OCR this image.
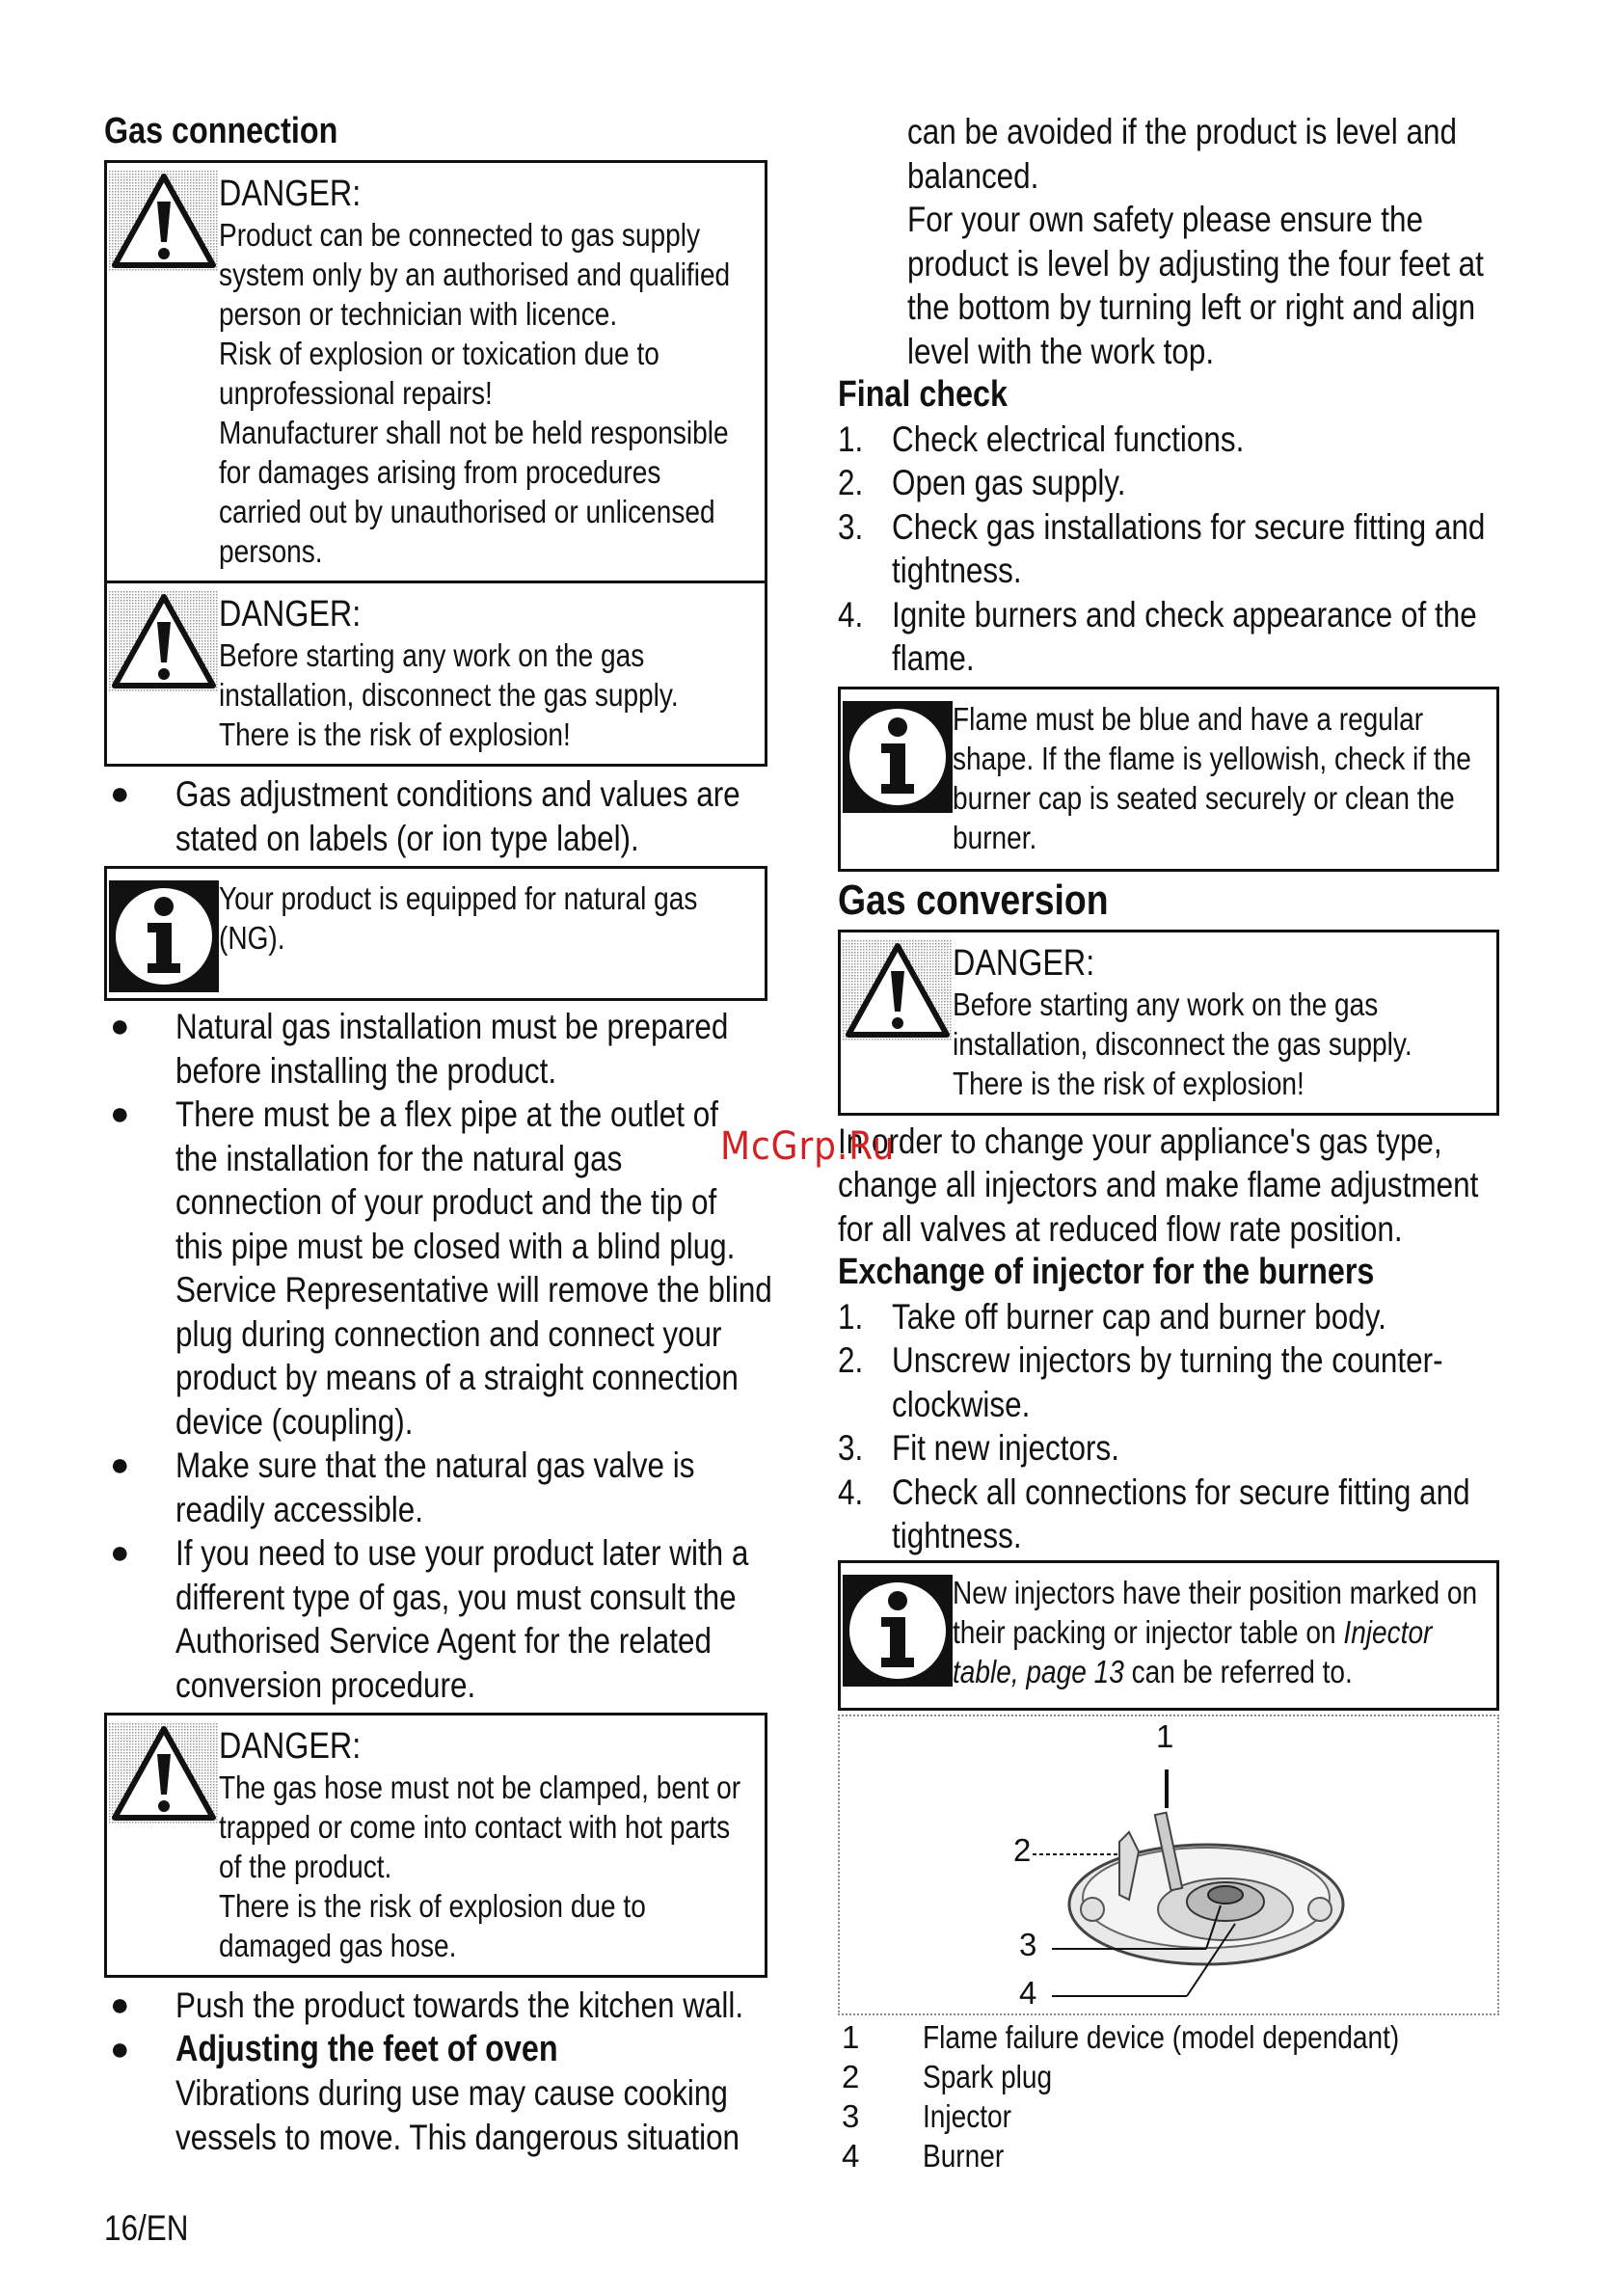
Gas connection
DANGER:
Product can be connected to gas supply
system only by an authorised and qualified
person or technician with licence.
Risk of explosion or toxication due to
unprofessional repairs!
Manufacturer shall not be held responsible
for damages arising from procedures
carried out by unauthorised or unlicensed
persons.
DANGER:
Before starting any work on the gas
installation, disconnect the gas supply.
There is the risk of explosion!
● Gas adjustment conditions and values are
stated on labels (or ion type label).
Your product is equipped for natural gas
(NG).
● Natural gas installation must be prepared
before installing the product.
● There must be a flex pipe at the outlet of
the installation for the natural gas
connection of your product and the tip of
this pipe must be closed with a blind plug.
Service Representative will remove the blind
plug during connection and connect your
product by means of a straight connection
device (coupling).
● Make sure that the natural gas valve is
readily accessible.
● If you need to use your product later with a
different type of gas, you must consult the
Authorised Service Agent for the related
conversion procedure.
DANGER:
The gas hose must not be clamped, bent or
trapped or come into contact with hot parts
of the product.
There is the risk of explosion due to
damaged gas hose.
● Push the product towards the kitchen wall.
● Adjusting the feet of oven
Vibrations during use may cause cooking
vessels to move. This dangerous situation
can be avoided if the product is level and
balanced.
For your own safety please ensure the
product is level by adjusting the four feet at
the bottom by turning left or right and align
level with the work top.
Final check
1. Check electrical functions.
2. Open gas supply.
3. Check gas installations for secure fitting and
tightness.
4. Ignite burners and check appearance of the
flame.
Flame must be blue and have a regular
shape. If the flame is yellowish, check if the
burner cap is seated securely or clean the
burner.
Gas conversion
DANGER:
Before starting any work on the gas
installation, disconnect the gas supply.
There is the risk of explosion!
In order to change your appliance's gas type,
change all injectors and make flame adjustment
for all valves at reduced flow rate position.
Exchange of injector for the burners
1. Take off burner cap and burner body.
2. Unscrew injectors by turning the counter-
clockwise.
3. Fit new injectors.
4. Check all connections for secure fitting and
tightness.
New injectors have their position marked on
their packing or injector table on Injector
table, page 13 can be referred to.
1
2
3
4
1 Flame failure device (model dependant)
2 Spark plug
3 Injector
4 Burner
McGrp.Ru
16/EN
